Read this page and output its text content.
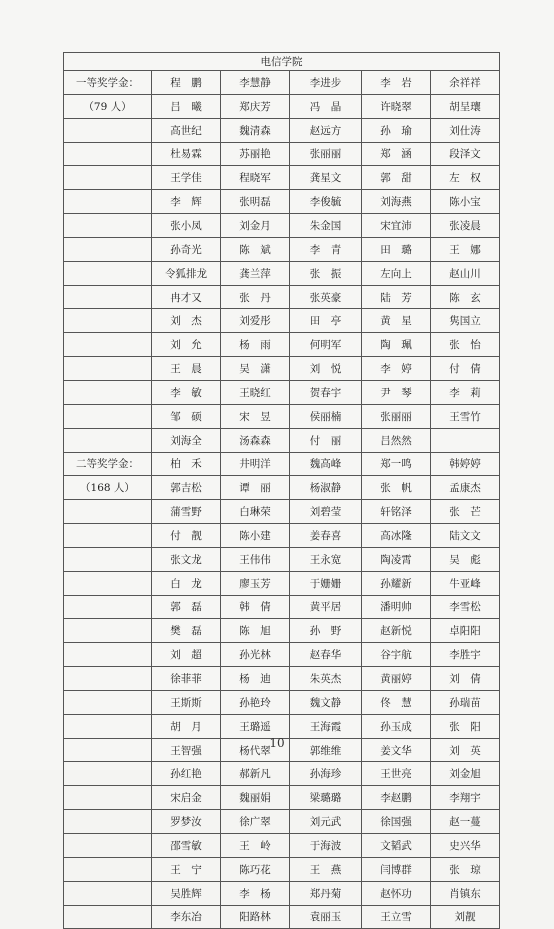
电信学院					
一等奖学金：	程　鹏	李慧静	李进步	李　岩	余祥祥
（79 人）	吕　曦	郑庆芳	冯　晶	许晓翠	胡呈瓖
	高世纪	魏清森	赵远方	孙　瑜	刘仕涛
	杜易霖	苏丽艳	张丽丽	郑　涵	段泽文
	王学佳	程晓军	龚星文	郭　甜	左　权
	李　辉	张明磊	李俊毓	刘海燕	陈小宝
	张小凤	刘金月	朱金国	宋宜沛	张凌晨
	孙奇光	陈　斌	李　青	田　璐	王　娜
	令狐排龙	龚兰萍	张　振	左向上	赵山川
	冉才又	张　丹	张英豪	陆　芳	陈　玄
	刘　杰	刘爱彤	田　亭	黄　星	隽国立
	刘　允	杨　雨	何明军	陶　珮	张　怡
	王　晨	吴　潇	刘　悦	李　婷	付　倩
	李　敏	王晓红	贺春宇	尹　琴	李　莉
	邹　硕	宋　昱	侯丽楠	张丽丽	王雪竹
	刘海全	汤森森	付　丽	吕然然	
二等奖学金：	柏　禾	井明洋	魏高峰	郑一鸣	韩婷婷
（168 人）	郭吉松	谭　丽	杨淑静	张　帆	孟康杰
	蒲雪野	白琳荣	刘碧莹	轩铭泽	张　芒
	付　靓	陈小建	姜春喜	高冰隆	陆文文
	张文龙	王伟伟	王永宽	陶凌霄	吴　彪
	白　龙	廖玉芳	于姗姗	孙耀新	牛亚峰
	郭　磊	韩　倩	黄平居	潘明帅	李雪松
	樊　磊	陈　旭	孙　野	赵新悦	卓阳阳
	刘　超	孙光林	赵春华	谷宇航	李胜宇
	徐菲菲	杨　迪	朱英杰	黄丽婷	刘　倩
	王斯斯	孙艳玲	魏文静	佟　慧	孙瑞苗
	胡　月	王璐遥	王海霞	孙玉成	张　阳
	王智强	杨代翠	郭维维	姜文华	刘　英
	孙红艳	郝新凡	孙海珍	王世亮	刘金旭
	宋启金	魏丽娟	梁璐璐	李赵鹏	李翔宇
	罗梦汝	徐广翠	刘元武	徐国强	赵一蔓
	邵雪敏	王　岭	于海波	文韬武	史兴华
	王　宁	陈巧花	王　燕	闫博群	张　琼
	吴胜辉	李　杨	郑丹菊	赵怀功	肖镇东
	李东冶	阳路林	袁丽玉	王立雪	刘靓
10
